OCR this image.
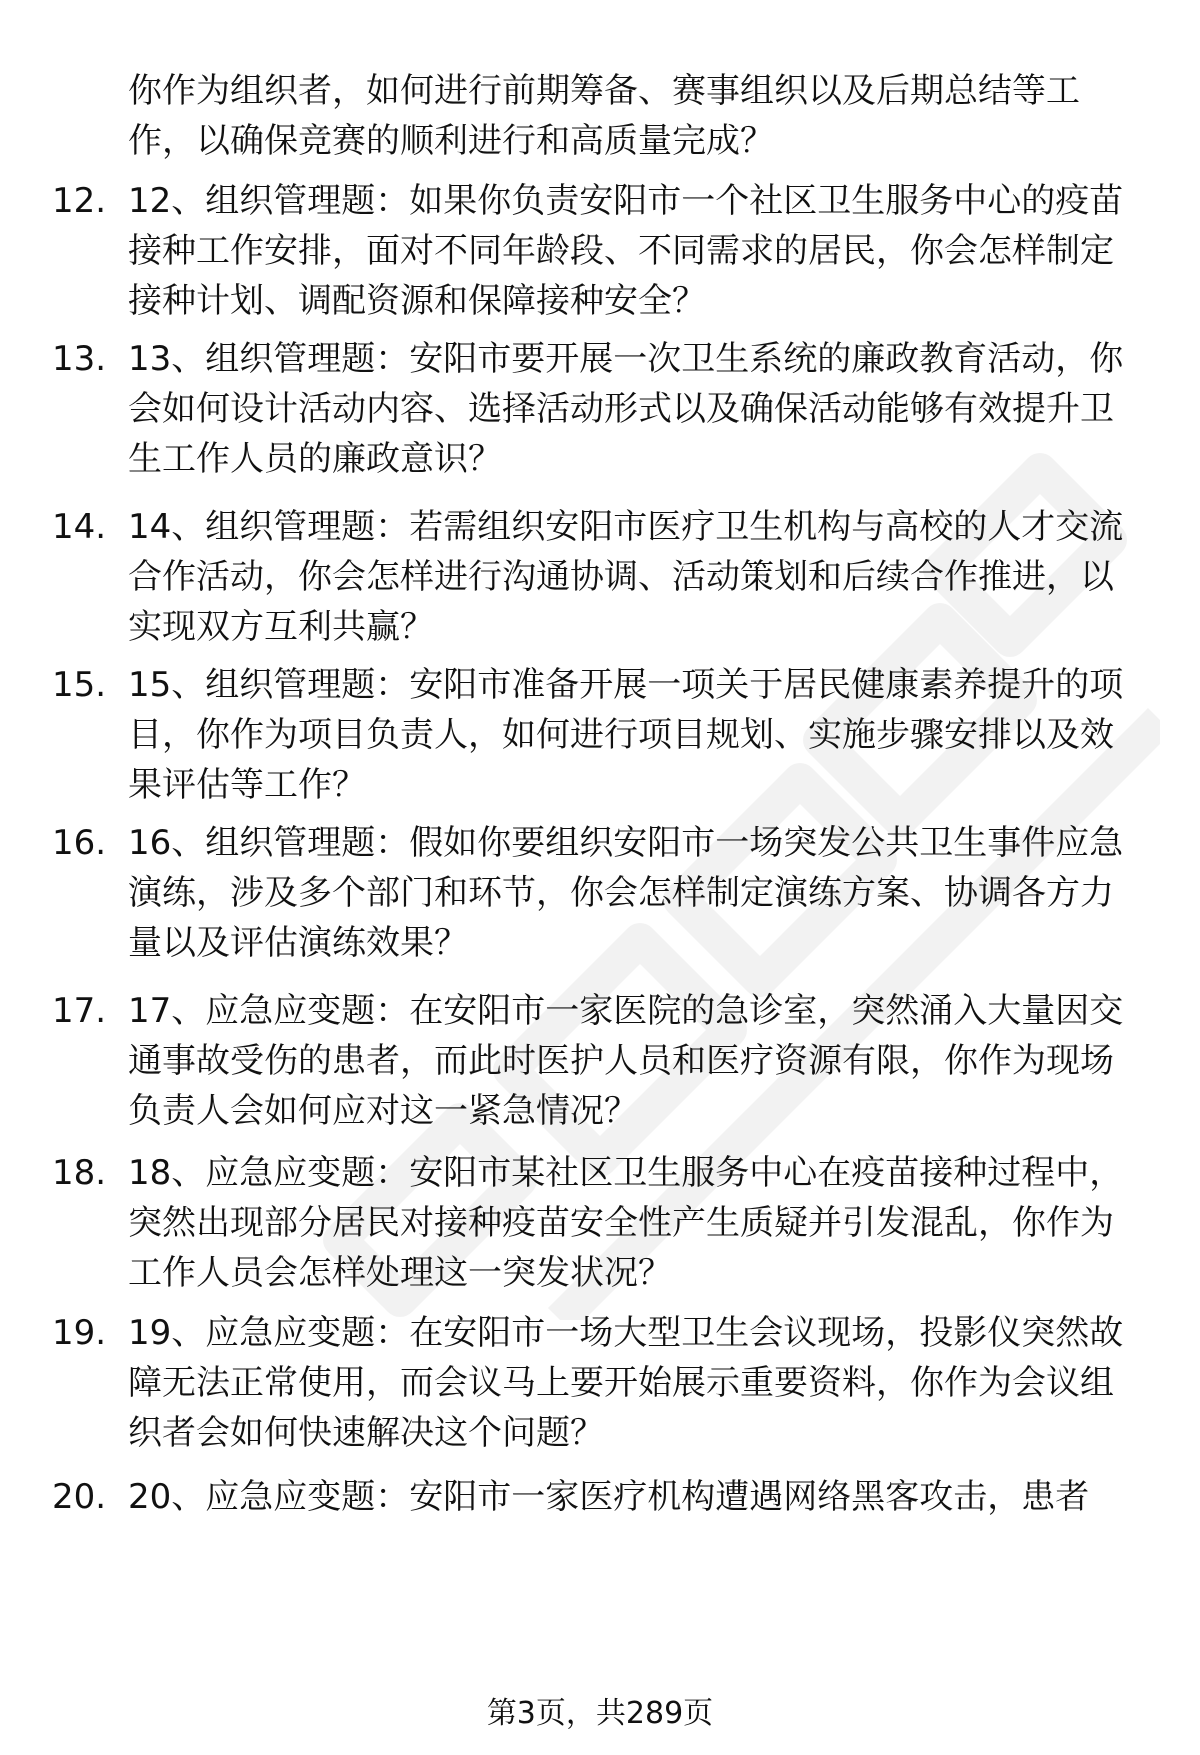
你作为组织者，如何进行前期筹备、赛事组织以及后期总结等工作，以确保竞赛的顺利进行和高质量完成？
12. 12、组织管理题：如果你负责安阳市一个社区卫生服务中心的疫苗接种工作安排，面对不同年龄段、不同需求的居民，你会怎样制定接种计划、调配资源和保障接种安全？
13. 13、组织管理题：安阳市要开展一次卫生系统的廉政教育活动，你会如何设计活动内容、选择活动形式以及确保活动能够有效提升卫生工作人员的廉政意识？
14. 14、组织管理题：若需组织安阳市医疗卫生机构与高校的人才交流合作活动，你会怎样进行沟通协调、活动策划和后续合作推进，以实现双方互利共赢？
15. 15、组织管理题：安阳市准备开展一项关于居民健康素养提升的项目，你作为项目负责人，如何进行项目规划、实施步骤安排以及效果评估等工作？
16. 16、组织管理题：假如你要组织安阳市一场突发公共卫生事件应急演练，涉及多个部门和环节，你会怎样制定演练方案、协调各方力量以及评估演练效果？
17. 17、应急应变题：在安阳市一家医院的急诊室，突然涌入大量因交通事故受伤的患者，而此时医护人员和医疗资源有限，你作为现场负责人会如何应对这一紧急情况？
18. 18、应急应变题：安阳市某社区卫生服务中心在疫苗接种过程中，突然出现部分居民对接种疫苗安全性产生质疑并引发混乱，你作为工作人员会怎样处理这一突发状况？
19. 19、应急应变题：在安阳市一场大型卫生会议现场，投影仪突然故障无法正常使用，而会议马上要开始展示重要资料，你作为会议组织者会如何快速解决这个问题？
20. 20、应急应变题：安阳市一家医疗机构遭遇网络黑客攻击，患者
第3页，共289页
